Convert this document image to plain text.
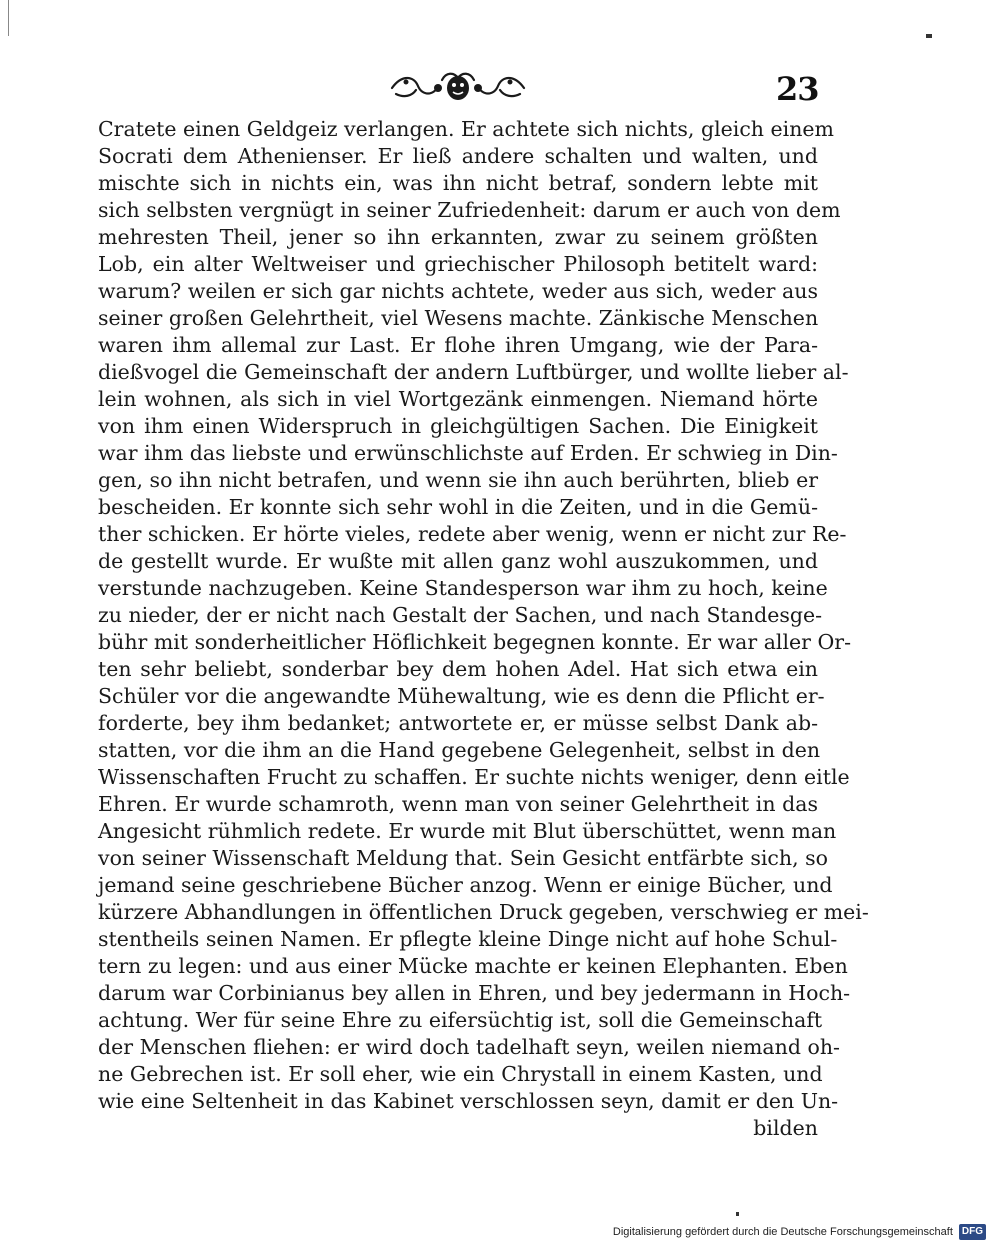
23
Cratete einen Geldgeiz verlangen. Er achtete sich nichts, gleich einem
Socrati dem Athenienser. Er ließ andere schalten und walten, und
mischte sich in nichts ein, was ihn nicht betraf, sondern lebte mit
sich selbsten vergnügt in seiner Zufriedenheit: darum er auch von dem
mehresten Theil, jener so ihn erkannten, zwar zu seinem größten
Lob, ein alter Weltweiser und griechischer Philosoph betitelt ward:
warum? weilen er sich gar nichts achtete, weder aus sich, weder aus
seiner großen Gelehrtheit, viel Wesens machte. Zänkische Menschen
waren ihm allemal zur Last. Er flohe ihren Umgang, wie der Para-
dießvogel die Gemeinschaft der andern Luftbürger, und wollte lieber al-
lein wohnen, als sich in viel Wortgezänk einmengen. Niemand hörte
von ihm einen Widerspruch in gleichgültigen Sachen. Die Einigkeit
war ihm das liebste und erwünschlichste auf Erden. Er schwieg in Din-
gen, so ihn nicht betrafen, und wenn sie ihn auch berührten, blieb er
bescheiden. Er konnte sich sehr wohl in die Zeiten, und in die Gemü-
ther schicken. Er hörte vieles, redete aber wenig, wenn er nicht zur Re-
de gestellt wurde. Er wußte mit allen ganz wohl auszukommen, und
verstunde nachzugeben. Keine Standesperson war ihm zu hoch, keine
zu nieder, der er nicht nach Gestalt der Sachen, und nach Standesge-
bühr mit sonderheitlicher Höflichkeit begegnen konnte. Er war aller Or-
ten sehr beliebt, sonderbar bey dem hohen Adel. Hat sich etwa ein
Schüler vor die angewandte Mühewaltung, wie es denn die Pflicht er-
forderte, bey ihm bedanket; antwortete er, er müsse selbst Dank ab-
statten, vor die ihm an die Hand gegebene Gelegenheit, selbst in den
Wissenschaften Frucht zu schaffen. Er suchte nichts weniger, denn eitle
Ehren. Er wurde schamroth, wenn man von seiner Gelehrtheit in das
Angesicht rühmlich redete. Er wurde mit Blut überschüttet, wenn man
von seiner Wissenschaft Meldung that. Sein Gesicht entfärbte sich, so
jemand seine geschriebene Bücher anzog. Wenn er einige Bücher, und
kürzere Abhandlungen in öffentlichen Druck gegeben, verschwieg er mei-
stentheils seinen Namen. Er pflegte kleine Dinge nicht auf hohe Schul-
tern zu legen: und aus einer Mücke machte er keinen Elephanten. Eben
darum war Corbinianus bey allen in Ehren, und bey jedermann in Hoch-
achtung. Wer für seine Ehre zu eifersüchtig ist, soll die Gemeinschaft
der Menschen fliehen: er wird doch tadelhaft seyn, weilen niemand oh-
ne Gebrechen ist. Er soll eher, wie ein Chrystall in einem Kasten, und
wie eine Seltenheit in das Kabinet verschlossen seyn, damit er den Un-
bilden
Digitalisierung gefördert durch die Deutsche Forschungsgemeinschaft DFG
